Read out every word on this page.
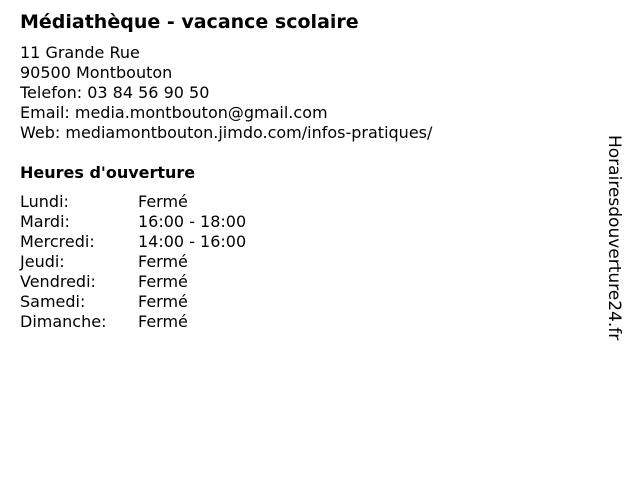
Médiathèque - vacance scolaire
11 Grande Rue
90500 Montbouton
Telefon: 03 84 56 90 50
Email: media.montbouton@gmail.com
Web: mediamontbouton.jimdo.com/infos-pratiques/
Heures d'ouverture
Lundi:	Fermé
Mardi:	16:00 - 18:00
Mercredi:	14:00 - 16:00
Jeudi:	Fermé
Vendredi:	Fermé
Samedi:	Fermé
Dimanche:	Fermé	Horairesdouverture24.fr
